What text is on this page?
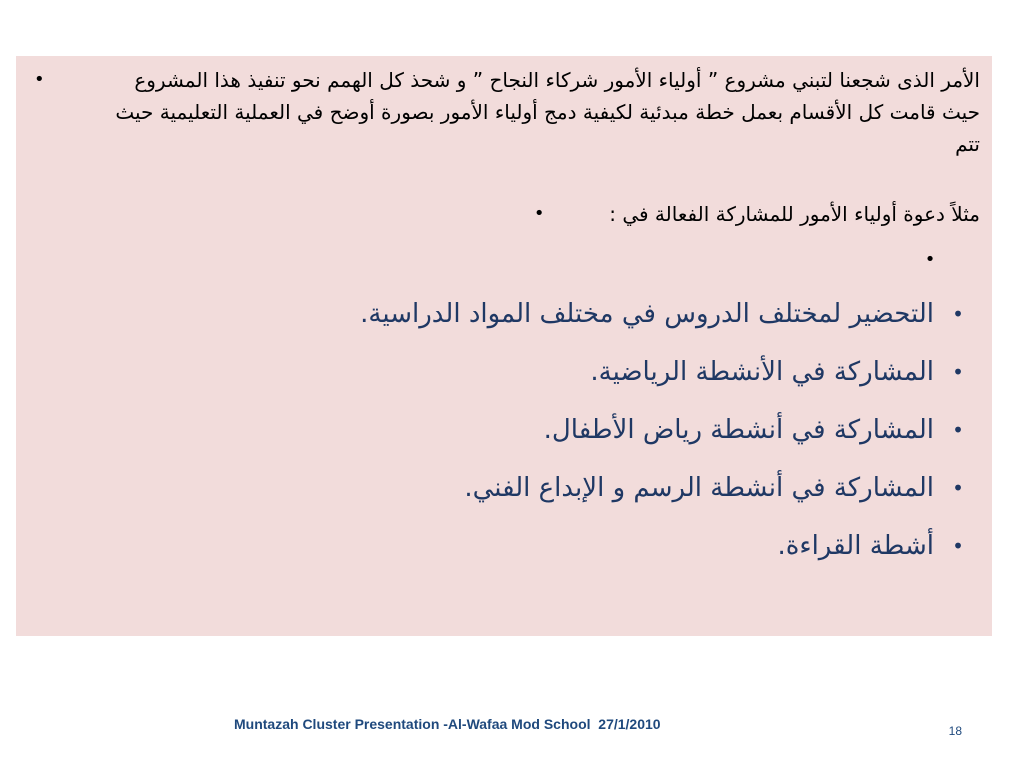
الأمر الذى شجعنا لتبني مشروع ” أولياء الأمور شركاء النجاح ” و شحذ كل الهمم نحو تنفيذ هذا المشروع حيث قامت كل الأقسام بعمل خطة مبدئية لكيفية دمج أولياء الأمور بصورة أوضح في العملية التعليمية حيث تتم
•
مثلاً دعوة أولياء الأمور للمشاركة الفعالة في :
•
•
•
التحضير لمختلف الدروس في مختلف المواد الدراسية.
•
المشاركة في الأنشطة الرياضية.
•
المشاركة في أنشطة رياض الأطفال.
•
المشاركة في أنشطة الرسم و الإبداع الفني.
•
أشطة القراءة.
Muntazah Cluster Presentation -Al-Wafaa Mod School  27/1/2010	18
